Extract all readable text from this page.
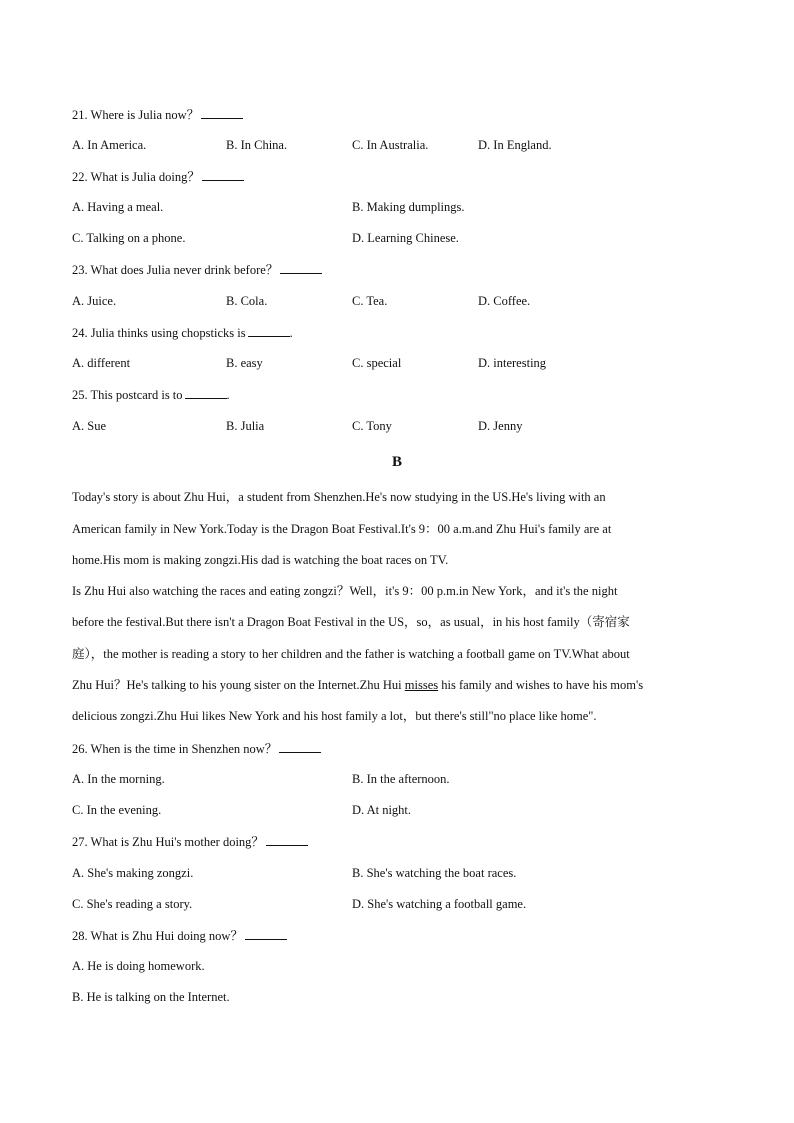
21. Where is Julia now？
A. In America.	B. In China.	C. In Australia.	D. In England.
22. What is Julia doing？
A. Having a meal.	B. Making dumplings.
C. Talking on a phone.	D. Learning Chinese.
23. What does Julia never drink before？
A. Juice.	B. Cola.	C. Tea.	D. Coffee.
24. Julia thinks using chopsticks is	.
A. different	B. easy	C. special	D. interesting
25. This postcard is to	.
A. Sue	B. Julia	C. Tony	D. Jenny
B
Today's story is about Zhu Hui，a student from Shenzhen.He's now studying in the US.He's living with an
American family in New York.Today is the Dragon Boat Festival.It's 9：00 a.m.and Zhu Hui's family are at
home.His mom is making zongzi.His dad is watching the boat races on TV.
Is Zhu Hui also watching the races and eating zongzi？Well，it's 9：00 p.m.in New York，and it's the night
before the festival.But there isn't a Dragon Boat Festival in the US，so，as usual，in his host family（寄宿家
庭），the mother is reading a story to her children and the father is watching a football game on TV.What about
Zhu Hui？He's talking to his young sister on the Internet.Zhu Hui misses his family and wishes to have his mom's
delicious zongzi.Zhu Hui likes New York and his host family a lot，but there's still"no place like home".
26. When is the time in Shenzhen now？
A. In the morning.	B. In the afternoon.
C. In the evening.	D. At night.
27. What is Zhu Hui's mother doing？
A. She's making zongzi.	B. She's watching the boat races.
C. She's reading a story.	D. She's watching a football game.
28. What is Zhu Hui doing now？
A. He is doing homework.
B. He is talking on the Internet.
